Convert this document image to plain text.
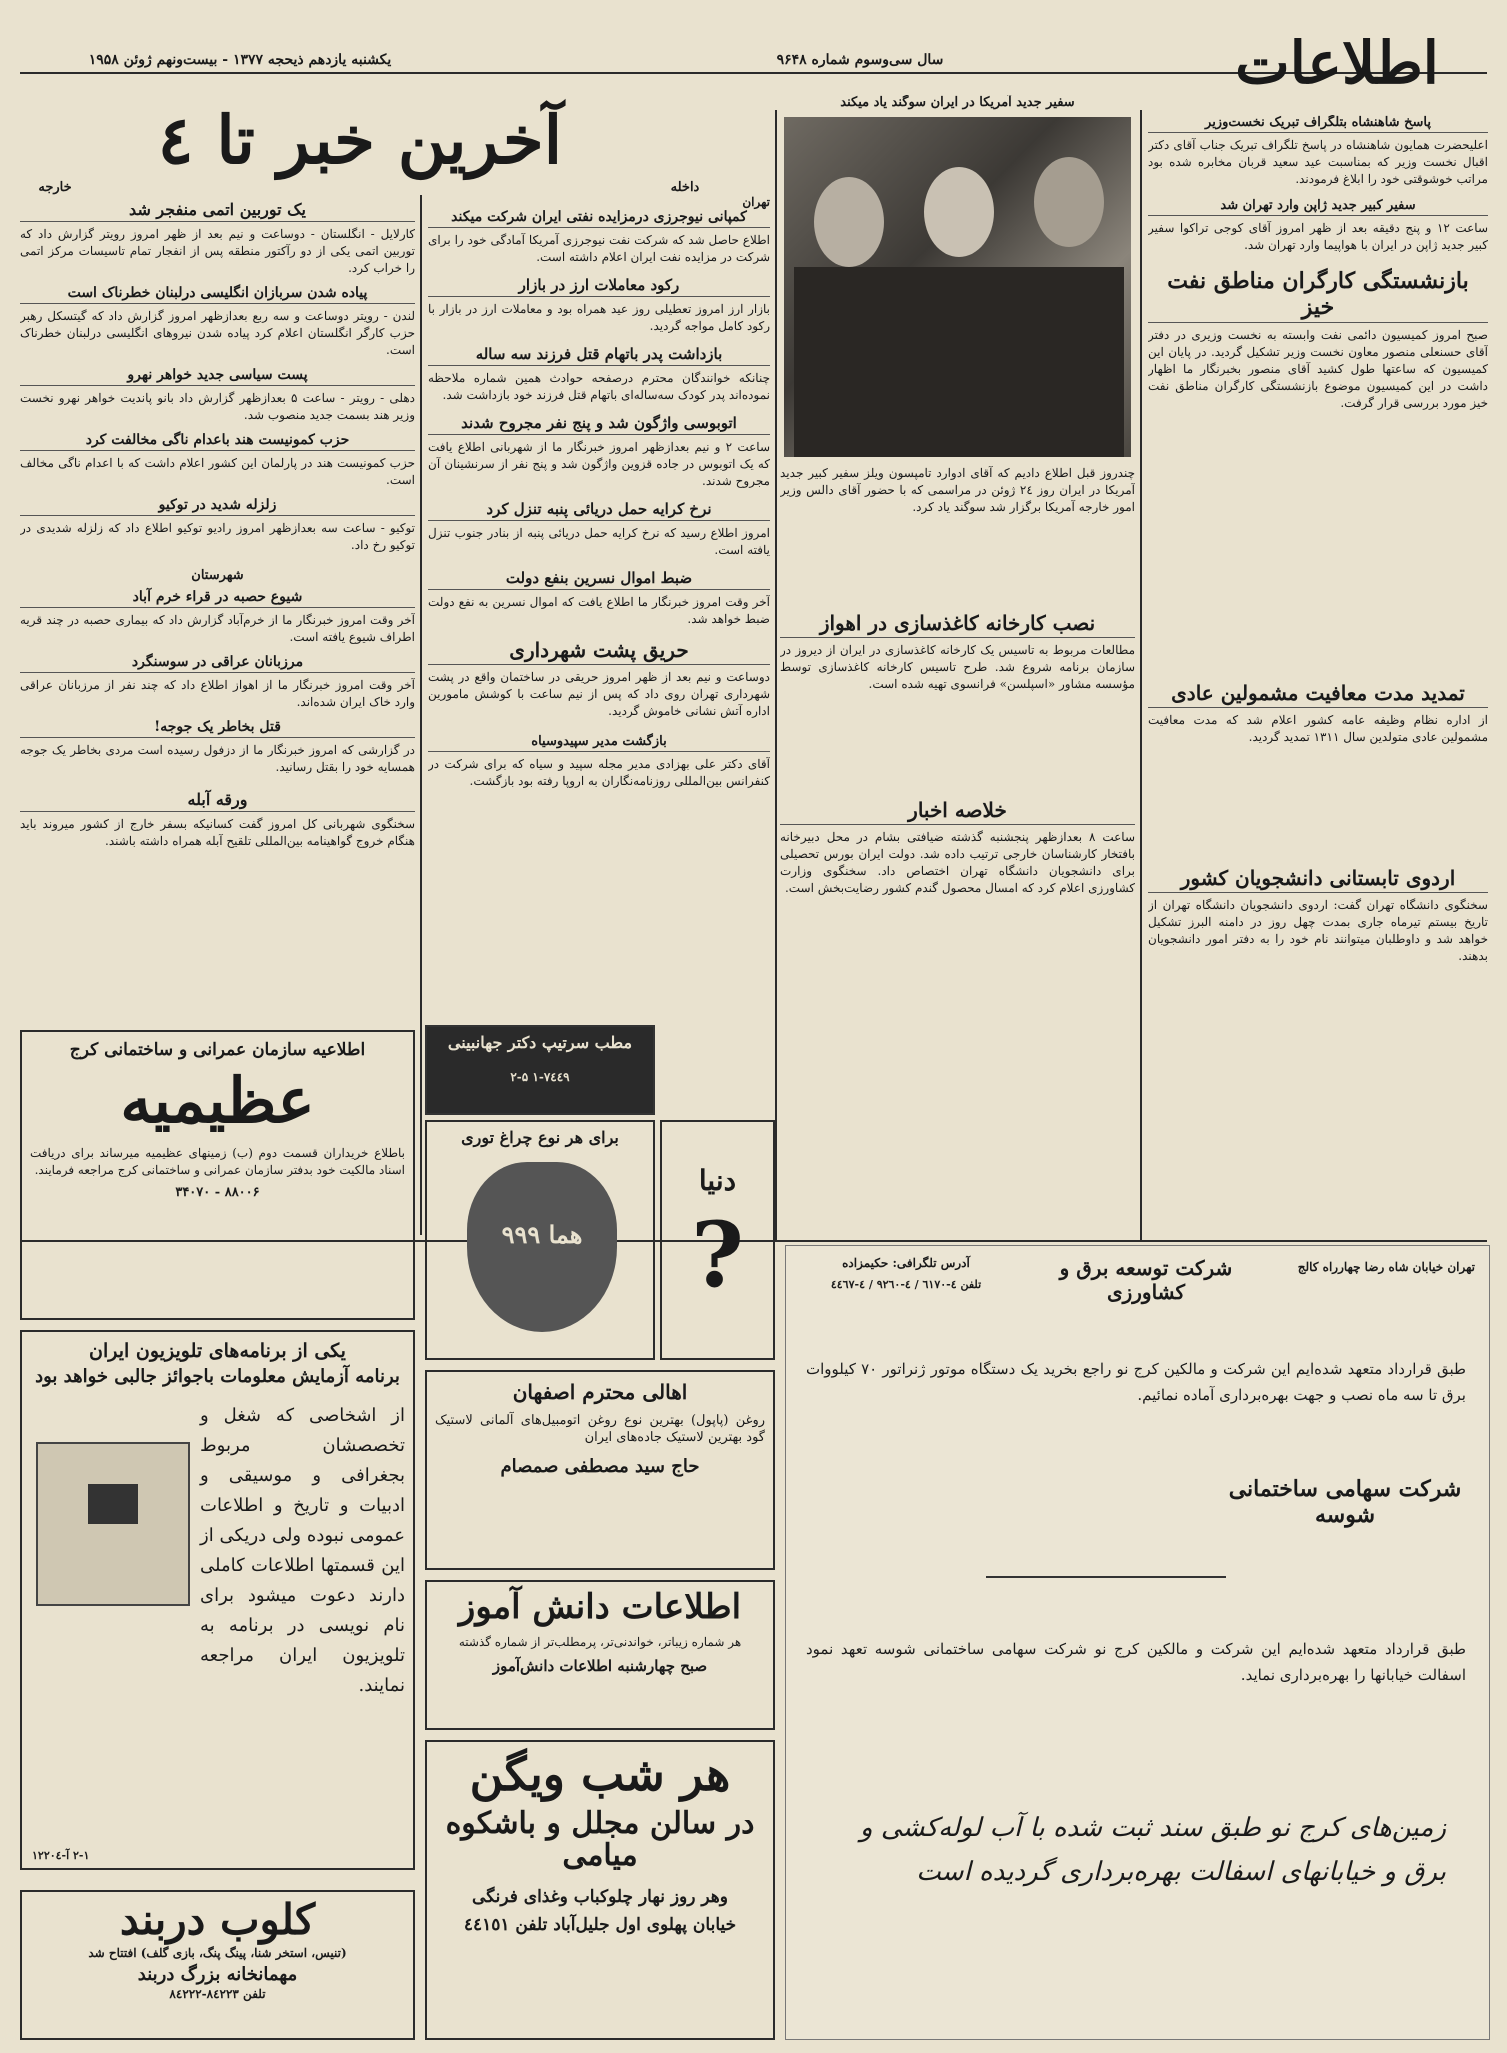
اطلاعات
سال سی‌وسوم شماره ۹۶۴۸
یکشنبه یازدهم ذیحجه ۱۳۷۷ - بیست‌ونهم ژوئن ۱۹۵۸
آخرین خبر تا ٤
داخله
خارجه
پاسخ شاهنشاه بتلگراف تبریک نخست‌وزیر
اعلیحضرت همایون شاهنشاه در پاسخ تلگراف تبریک جناب آقای دکتر اقبال نخست وزیر که بمناسبت عید سعید قربان مخابره شده بود مراتب خوشوقتی خود را ابلاغ فرمودند.
سفیر کبیر جدید ژاپن وارد تهران شد
ساعت ۱۲ و پنج دقیقه بعد از ظهر امروز آقای کوجی تراکوا سفیر کبیر جدید ژاپن در ایران با هواپیما وارد تهران شد.
بازنشستگی کارگران مناطق نفت خیز
صبح امروز کمیسیون دائمی نفت وابسته به نخست وزیری در دفتر آقای حسنعلی منصور معاون نخست وزیر تشکیل گردید. در پایان این کمیسیون که ساعتها طول کشید آقای منصور بخبرنگار ما اظهار داشت در این کمیسیون موضوع بازنشستگی کارگران مناطق نفت خیز مورد بررسی قرار گرفت.
تمدید مدت معافیت مشمولین عادی
از اداره نظام وظیفه عامه کشور اعلام شد که مدت معافیت مشمولین عادی متولدین سال ۱۳۱۱ تمدید گردید.
اردوی تابستانی دانشجویان کشور
سخنگوی دانشگاه تهران گفت: اردوی دانشجویان دانشگاه تهران از تاریخ بیستم تیرماه جاری بمدت چهل روز در دامنه البرز تشکیل خواهد شد و داوطلبان میتوانند نام خود را به دفتر امور دانشجویان بدهند.
سفیر جدید آمریکا در ایران سوگند یاد میکند
چندروز قبل اطلاع دادیم که آقای ادوارد تامپسون ویلز سفیر کبیر جدید آمریکا در ایران روز ۲٤ ژوئن در مراسمی که با حضور آقای دالس وزیر امور خارجه آمریکا برگزار شد سوگند یاد کرد.
نصب کارخانه کاغذسازی در اهواز
مطالعات مربوط به تاسیس یک کارخانه کاغذسازی در ایران از دیروز در سازمان برنامه شروع شد. طرح تاسیس کارخانه کاغذسازی توسط مؤسسه مشاور «اسپلسن» فرانسوی تهیه شده است.
خلاصه اخبار
ساعت ۸ بعدازظهر پنجشنبه گذشته ضیافتی بشام در محل دبیرخانه بافتخار کارشناسان خارجی ترتیب داده شد. دولت ایران بورس تحصیلی برای دانشجویان دانشگاه تهران اختصاص داد. سخنگوی وزارت کشاورزی اعلام کرد که امسال محصول گندم کشور رضایت‌بخش است.
تهران
کمپانی نیوجرزی درمزایده نفتی ایران شرکت میکند
اطلاع حاصل شد که شرکت نفت نیوجرزی آمریکا آمادگی خود را برای شرکت در مزایده نفت ایران اعلام داشته است.
رکود معاملات ارز در بازار
بازار ارز امروز تعطیلی روز عید همراه بود و معاملات ارز در بازار با رکود کامل مواجه گردید.
بازداشت پدر باتهام قتل فرزند سه ساله
چنانکه خوانندگان محترم درصفحه حوادث همین شماره ملاحظه نموده‌اند پدر کودک سه‌ساله‌ای باتهام قتل فرزند خود بازداشت شد.
اتوبوسی واژگون شد و پنج نفر مجروح شدند
ساعت ۲ و نیم بعدازظهر امروز خبرنگار ما از شهربانی اطلاع یافت که یک اتوبوس در جاده قزوین واژگون شد و پنج نفر از سرنشینان آن مجروح شدند.
نرخ کرایه حمل دریائی پنبه تنزل کرد
امروز اطلاع رسید که نرخ کرایه حمل دریائی پنبه از بنادر جنوب تنزل یافته است.
ضبط اموال نسرین بنفع دولت
آخر وقت امروز خبرنگار ما اطلاع یافت که اموال نسرین به نفع دولت ضبط خواهد شد.
حریق پشت شهرداری
دوساعت و نیم بعد از ظهر امروز حریقی در ساختمان واقع در پشت شهرداری تهران روی داد که پس از نیم ساعت با کوشش مامورین اداره آتش نشانی خاموش گردید.
بازگشت مدیر سپیدوسیاه
آقای دکتر علی بهزادی مدیر مجله سپید و سیاه که برای شرکت در کنفرانس بین‌المللی روزنامه‌نگاران به اروپا رفته بود بازگشت.
یک توربین اتمی منفجر شد
کارلایل - انگلستان - دوساعت و نیم بعد از ظهر امروز رویتر گزارش داد که توربین اتمی یکی از دو رآکتور منطقه پس از انفجار تمام تاسیسات مرکز اتمی را خراب کرد.
پیاده شدن سربازان انگلیسی درلبنان خطرناک است
لندن - رویتر دوساعت و سه ربع بعدازظهر امروز گزارش داد که گیتسکل رهبر حزب کارگر انگلستان اعلام کرد پیاده شدن نیروهای انگلیسی درلبنان خطرناک است.
پست سیاسی جدید خواهر نهرو
دهلی - رویتر - ساعت ۵ بعدازظهر گزارش داد بانو پاندیت خواهر نهرو نخست وزیر هند بسمت جدید منصوب شد.
حزب کمونیست هند باعدام ناگی مخالفت کرد
حزب کمونیست هند در پارلمان این کشور اعلام داشت که با اعدام ناگی مخالف است.
زلزله شدید در توکیو
توکیو - ساعت سه بعدازظهر امروز رادیو توکیو اطلاع داد که زلزله شدیدی در توکیو رخ داد.
شهرستان
شیوع حصبه در قراء خرم آباد
آخر وقت امروز خبرنگار ما از خرم‌آباد گزارش داد که بیماری حصبه در چند قریه اطراف شیوع یافته است.
مرزبانان عراقی در سوسنگرد
آخر وقت امروز خبرنگار ما از اهواز اطلاع داد که چند نفر از مرزبانان عراقی وارد خاک ایران شده‌اند.
قتل بخاطر یک جوجه!
در گزارشی که امروز خبرنگار ما از دزفول رسیده است مردی بخاطر یک جوجه همسایه خود را بقتل رسانید.
ورقه آبله
سخنگوی شهربانی کل امروز گفت کسانیکه بسفر خارج از کشور میروند باید هنگام خروج گواهینامه بین‌المللی تلقیح آبله همراه داشته باشند.
اطلاعیه سازمان عمرانی و ساختمانی کرج
عظیمیه
باطلاع خریداران قسمت دوم (ب) زمینهای عظیمیه میرساند برای دریافت اسناد مالکیت خود بدفتر سازمان عمرانی و ساختمانی کرج مراجعه فرمایند.
۸۸۰۰۶ - ۳۴۰۷۰
یکی از برنامه‌های تلویزیون ایران
برنامه آزمایش معلومات باجوائز جالبی خواهد بود
از اشخاصی که شغل و تخصصشان مربوط بجغرافی و موسیقی و ادبیات و تاریخ و اطلاعات عمومی نبوده ولی دریکی از این قسمتها اطلاعات کاملی دارند دعوت میشود برای نام نویسی در برنامه به تلویزیون ایران مراجعه نمایند.
۲-۱ آ-۱۲۲۰٤
کلوب دربند
(تنیس، استخر شنا، پینگ پنگ، بازی گلف) افتتاح شد
مهمانخانه بزرگ دربند
تلفن ۸٤۲۲۳-۸٤۲۲۲
مطب سرتیپ دکتر جهانبینی
۱-۷٤٤۹ ۲-۵
برای هر نوع چراغ توری
هما ۹۹۹
دنیا
?
اهالی محترم اصفهان
روغن (پاپول) بهترین نوع روغن اتومبیل‌های آلمانی لاستیک گود بهترین لاستیک جاده‌های ایران
حاج سید مصطفی صمصام
اطلاعات دانش آموز
هر شماره زیباتر، خواندنی‌تر، پرمطلب‌تر از شماره گذشته
صبح چهارشنبه اطلاعات دانش‌آموز
هر شب ویگن
در سالن مجلل و باشکوه میامی
وهر روز نهار چلوکباب وغذای فرنگی
خیابان پهلوی اول جلیل‌آباد تلفن ٤٤١٥١
تهران خیابان شاه رضا چهارراه کالج
شرکت توسعه برق و کشاورزی
آدرس تلگرافی: حکیمزاده
تلفن ٤-٦١٧٠ / ٤-٩٢٦٠ / ٤-٤٤٦٧
طبق قرارداد متعهد شده‌ایم این شرکت و مالکین کرج نو راجع بخرید یک دستگاه موتور ژنراتور ۷۰ کیلووات برق تا سه ماه نصب و جهت بهره‌برداری آماده نمائیم.
شرکت سهامی ساختمانی شوسه
طبق قرارداد متعهد شده‌ایم این شرکت و مالکین کرج نو شرکت سهامی ساختمانی شوسه تعهد نمود اسفالت خیابانها را بهره‌برداری نماید.
زمین‌های کرج نو طبق سند ثبت شده با آب لوله‌کشی و برق و خیابانهای اسفالت بهره‌برداری گردیده است
